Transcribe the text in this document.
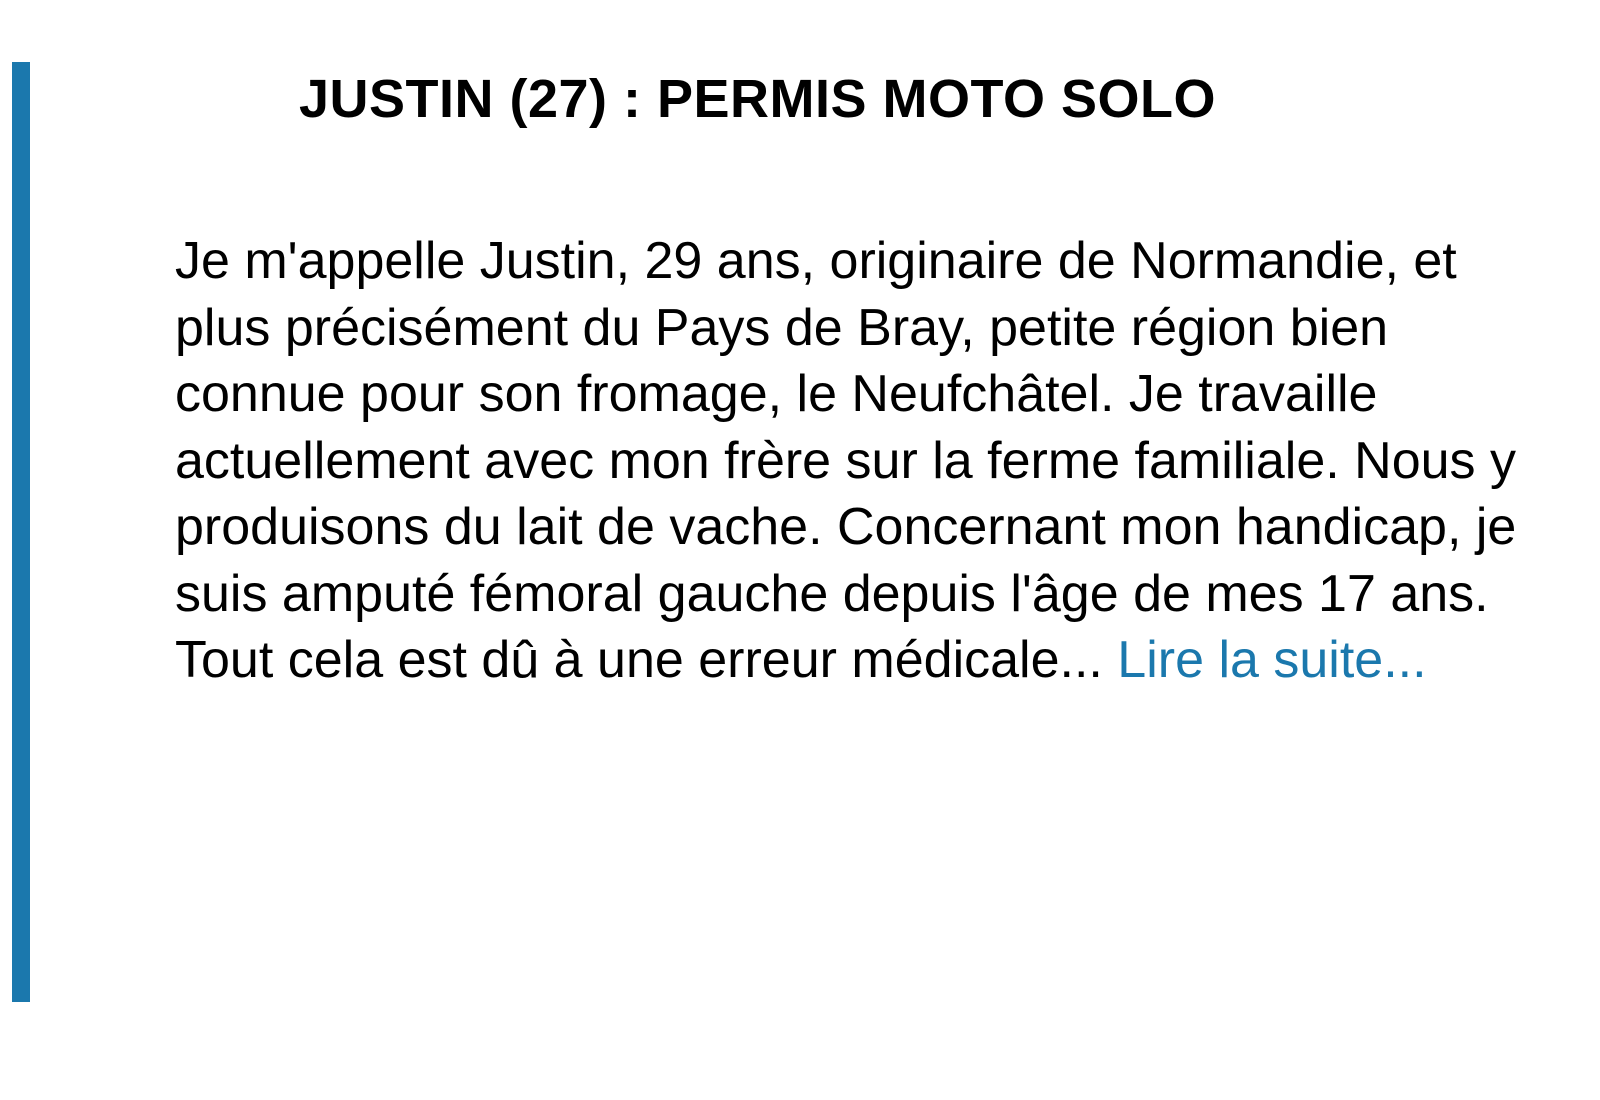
JUSTIN (27) : PERMIS MOTO SOLO

Je m'appelle Justin, 29 ans, originaire de Normandie, et plus précisément du Pays de Bray, petite région bien connue pour son fromage, le Neufchâtel. Je travaille actuellement avec mon frère sur la ferme familiale. Nous y produisons du lait de vache. Concernant mon handicap, je suis amputé fémoral gauche depuis l'âge de mes 17 ans. Tout cela est dû à une erreur médicale... Lire la suite...
